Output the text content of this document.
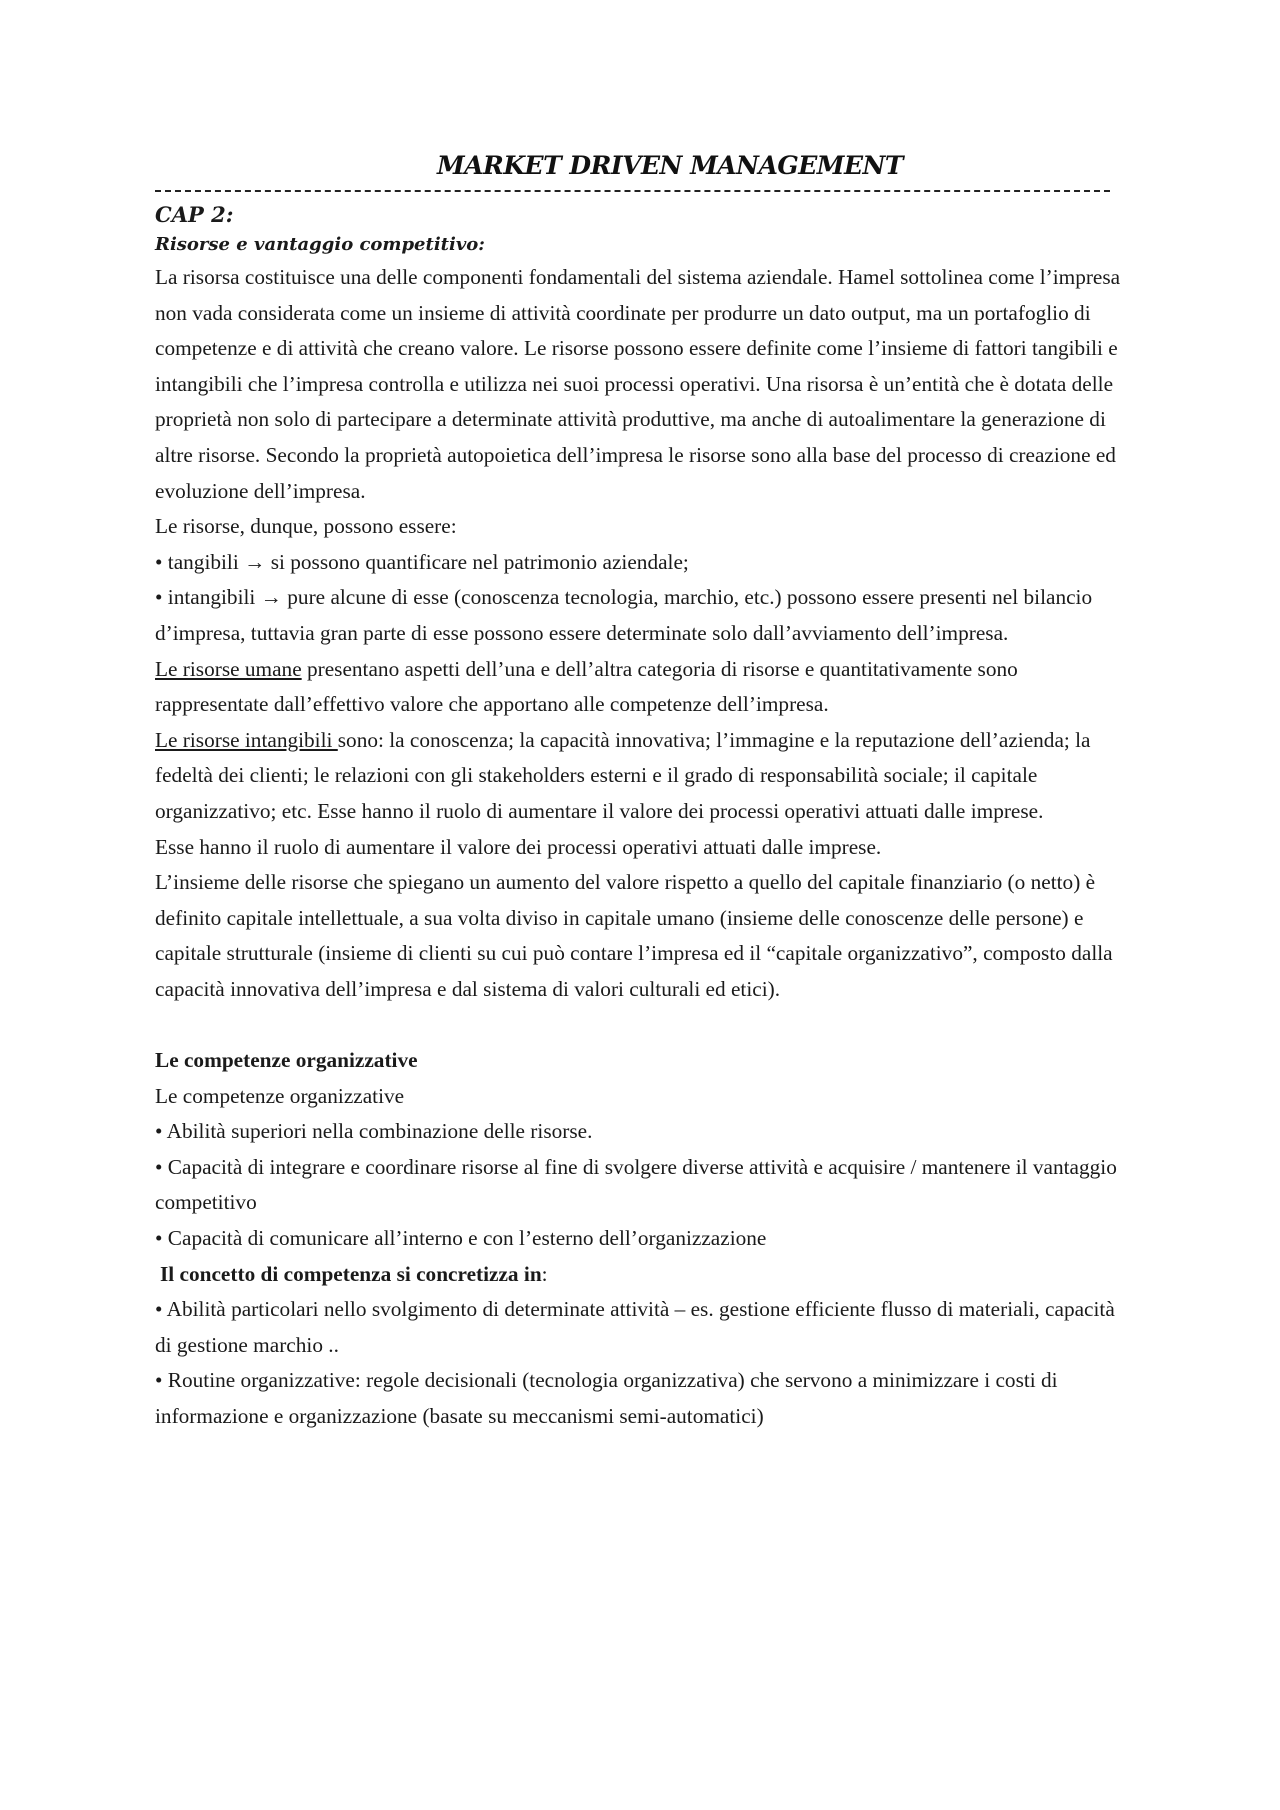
MARKET DRIVEN MANAGEMENT
CAP 2:
Risorse e vantaggio competitivo:

La risorsa costituisce una delle componenti fondamentali del sistema aziendale. Hamel sottolinea come l’impresa non vada considerata come un insieme di attività coordinate per produrre un dato output, ma un portafoglio di competenze e di attività che creano valore. Le risorse possono essere definite come l’insieme di fattori tangibili e intangibili che l’impresa controlla e utilizza nei suoi processi operativi. Una risorsa è un’entità che è dotata delle proprietà non solo di partecipare a determinate attività produttive, ma anche di autoalimentare la generazione di altre risorse. Secondo la proprietà autopoietica dell’impresa le risorse sono alla base del processo di creazione ed evoluzione dell’impresa.

Le risorse, dunque, possono essere:

• tangibili → si possono quantificare nel patrimonio aziendale;

• intangibili → pure alcune di esse (conoscenza tecnologia, marchio, etc.) possono essere presenti nel bilancio d’impresa, tuttavia gran parte di esse possono essere determinate solo dall’avviamento dell’impresa.

Le risorse umane presentano aspetti dell’una e dell’altra categoria di risorse e quantitativamente sono rappresentate dall’effettivo valore che apportano alle competenze dell’impresa.

Le risorse intangibili sono: la conoscenza; la capacità innovativa; l’immagine e la reputazione dell’azienda; la fedeltà dei clienti; le relazioni con gli stakeholders esterni e il grado di responsabilità sociale; il capitale organizzativo; etc. Esse hanno il ruolo di aumentare il valore dei processi operativi attuati dalle imprese.

Esse hanno il ruolo di aumentare il valore dei processi operativi attuati dalle imprese.

L’insieme delle risorse che spiegano un aumento del valore rispetto a quello del capitale finanziario (o netto) è definito capitale intellettuale, a sua volta diviso in capitale umano (insieme delle conoscenze delle persone) e capitale strutturale (insieme di clienti su cui può contare l’impresa ed il “capitale organizzativo”, composto dalla capacità innovativa dell’impresa e dal sistema di valori culturali ed etici).

Le competenze organizzative

Le competenze organizzative

• Abilità superiori nella combinazione delle risorse.

• Capacità di integrare e coordinare risorse al fine di svolgere diverse attività e acquisire / mantenere il vantaggio competitivo

• Capacità di comunicare all’interno e con l’esterno dell’organizzazione

Il concetto di competenza si concretizza in:

• Abilità particolari nello svolgimento di determinate attività – es. gestione efficiente flusso di materiali, capacità di gestione marchio ..

• Routine organizzative: regole decisionali (tecnologia organizzativa) che servono a minimizzare i costi di informazione e organizzazione (basate su meccanismi semi-automatici)
